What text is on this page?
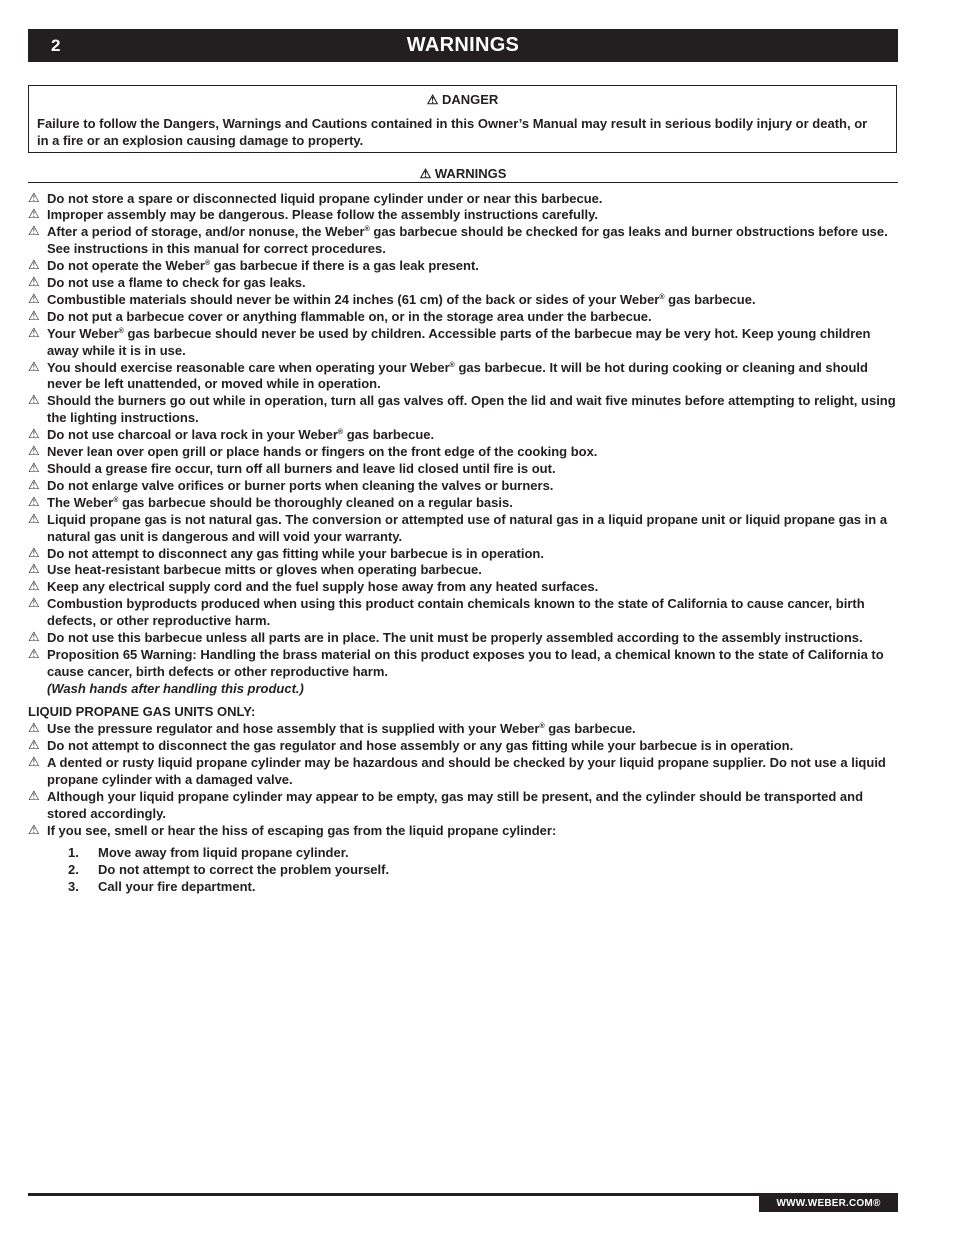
2	WARNINGS
⚠ DANGER
Failure to follow the Dangers, Warnings and Cautions contained in this Owner’s Manual may result in serious bodily injury or death, or in a fire or an explosion causing damage to property.
⚠ WARNINGS
⚠ Do not store a spare or disconnected liquid propane cylinder under or near this barbecue.
⚠ Improper assembly may be dangerous. Please follow the assembly instructions carefully.
⚠ After a period of storage, and/or nonuse, the Weber® gas barbecue should be checked for gas leaks and burner obstructions before use. See instructions in this manual for correct procedures.
⚠ Do not operate the Weber® gas barbecue if there is a gas leak present.
⚠ Do not use a flame to check for gas leaks.
⚠ Combustible materials should never be within 24 inches (61 cm) of the back or sides of your Weber® gas barbecue.
⚠ Do not put a barbecue cover or anything flammable on, or in the storage area under the barbecue.
⚠ Your Weber® gas barbecue should never be used by children. Accessible parts of the barbecue may be very hot. Keep young children away while it is in use.
⚠ You should exercise reasonable care when operating your Weber® gas barbecue. It will be hot during cooking or cleaning and should never be left unattended, or moved while in operation.
⚠ Should the burners go out while in operation, turn all gas valves off. Open the lid and wait five minutes before attempting to relight, using the lighting instructions.
⚠ Do not use charcoal or lava rock in your Weber® gas barbecue.
⚠ Never lean over open grill or place hands or fingers on the front edge of the cooking box.
⚠ Should a grease fire occur, turn off all burners and leave lid closed until fire is out.
⚠ Do not enlarge valve orifices or burner ports when cleaning the valves or burners.
⚠ The Weber® gas barbecue should be thoroughly cleaned on a regular basis.
⚠ Liquid propane gas is not natural gas. The conversion or attempted use of natural gas in a liquid propane unit or liquid propane gas in a natural gas unit is dangerous and will void your warranty.
⚠ Do not attempt to disconnect any gas fitting while your barbecue is in operation.
⚠ Use heat-resistant barbecue mitts or gloves when operating barbecue.
⚠ Keep any electrical supply cord and the fuel supply hose away from any heated surfaces.
⚠ Combustion byproducts produced when using this product contain chemicals known to the state of California to cause cancer, birth defects, or other reproductive harm.
⚠ Do not use this barbecue unless all parts are in place. The unit must be properly assembled according to the assembly instructions.
⚠ Proposition 65 Warning: Handling the brass material on this product exposes you to lead, a chemical known to the state of California to cause cancer, birth defects or other reproductive harm.
(Wash hands after handling this product.)
LIQUID PROPANE GAS UNITS ONLY:
⚠ Use the pressure regulator and hose assembly that is supplied with your Weber® gas barbecue.
⚠ Do not attempt to disconnect the gas regulator and hose assembly or any gas fitting while your barbecue is in operation.
⚠ A dented or rusty liquid propane cylinder may be hazardous and should be checked by your liquid propane supplier. Do not use a liquid propane cylinder with a damaged valve.
⚠ Although your liquid propane cylinder may appear to be empty, gas may still be present, and the cylinder should be transported and stored accordingly.
⚠ If you see, smell or hear the hiss of escaping gas from the liquid propane cylinder:
1. Move away from liquid propane cylinder.
2. Do not attempt to correct the problem yourself.
3. Call your fire department.
WWW.WEBER.COM®
